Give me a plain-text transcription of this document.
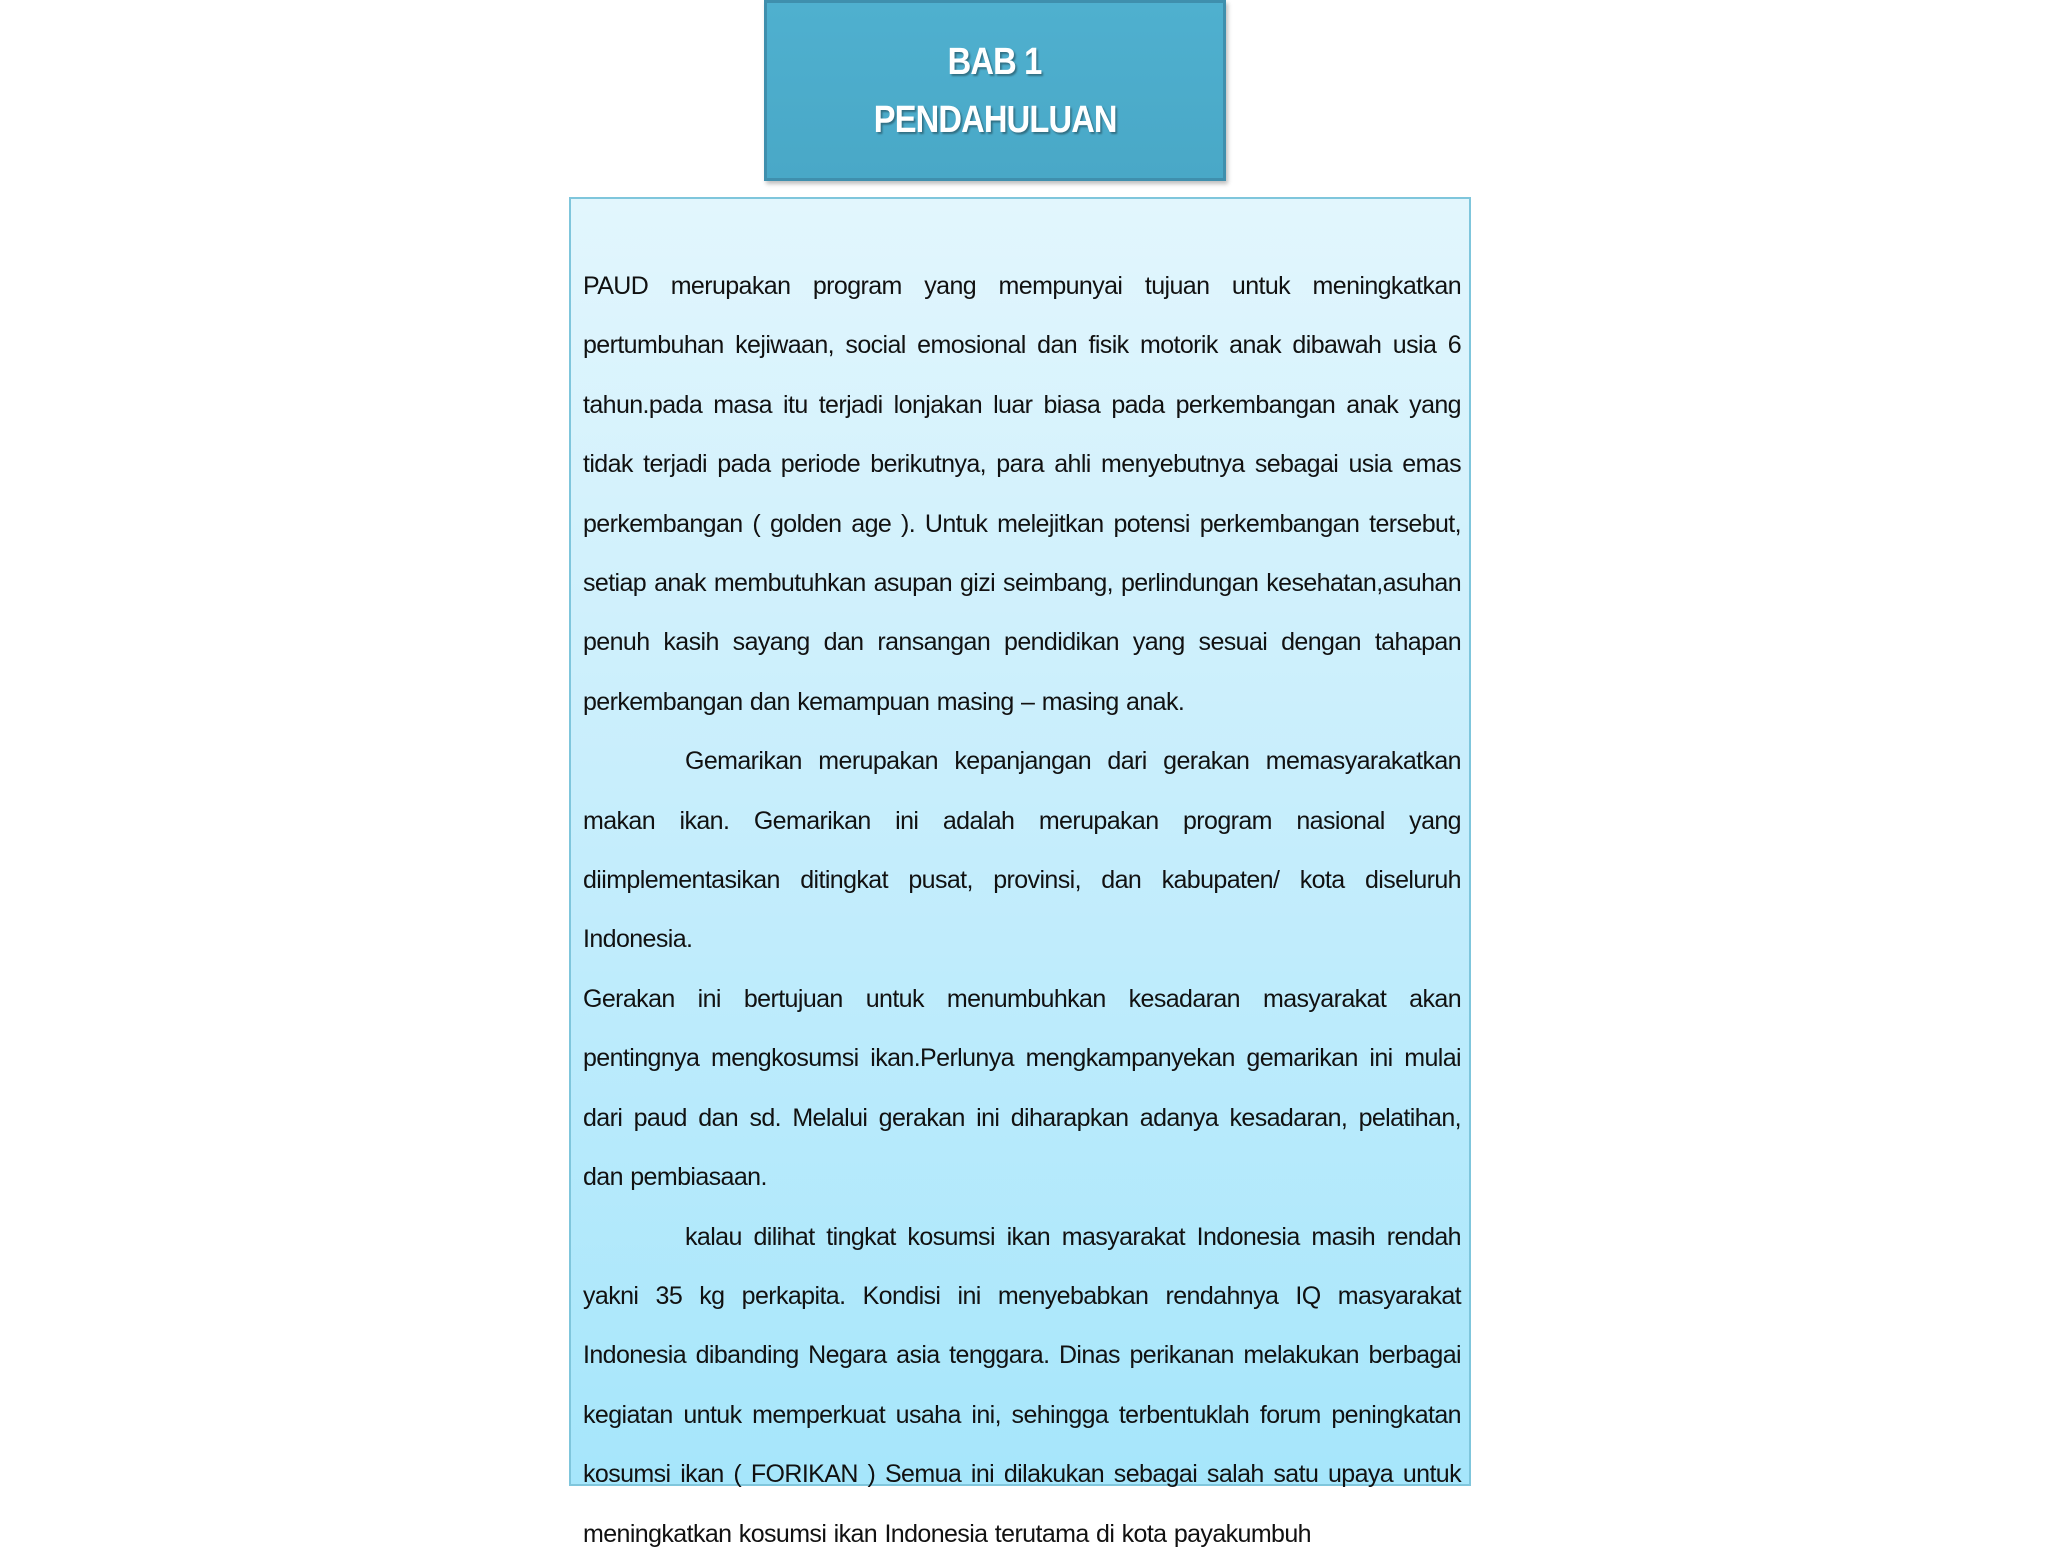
BAB 1
PENDAHULUAN

PAUD merupakan program yang mempunyai tujuan untuk meningkatkan pertumbuhan kejiwaan, social emosional dan fisik motorik anak dibawah usia 6 tahun.pada masa itu terjadi lonjakan luar biasa pada perkembangan anak yang tidak terjadi pada periode berikutnya, para ahli menyebutnya sebagai usia emas perkembangan ( golden age ). Untuk melejitkan potensi perkembangan tersebut, setiap anak membutuhkan asupan gizi seimbang, perlindungan kesehatan,asuhan penuh kasih sayang dan ransangan pendidikan yang sesuai dengan tahapan perkembangan dan kemampuan masing – masing anak.

Gemarikan merupakan kepanjangan dari gerakan memasyarakatkan makan ikan. Gemarikan ini adalah merupakan program nasional yang diimplementasikan ditingkat pusat, provinsi, dan kabupaten/ kota diseluruh Indonesia.

Gerakan ini bertujuan untuk menumbuhkan kesadaran masyarakat akan pentingnya mengkosumsi ikan.Perlunya mengkampanyekan gemarikan ini mulai dari paud dan sd. Melalui gerakan ini diharapkan adanya kesadaran, pelatihan, dan pembiasaan.

kalau dilihat tingkat kosumsi ikan masyarakat Indonesia masih rendah yakni 35 kg perkapita. Kondisi ini menyebabkan rendahnya IQ masyarakat Indonesia dibanding Negara asia tenggara. Dinas perikanan melakukan berbagai kegiatan untuk memperkuat usaha ini, sehingga terbentuklah forum peningkatan kosumsi ikan ( FORIKAN ) Semua ini dilakukan sebagai salah satu upaya untuk meningkatkan kosumsi ikan Indonesia terutama di kota payakumbuh
